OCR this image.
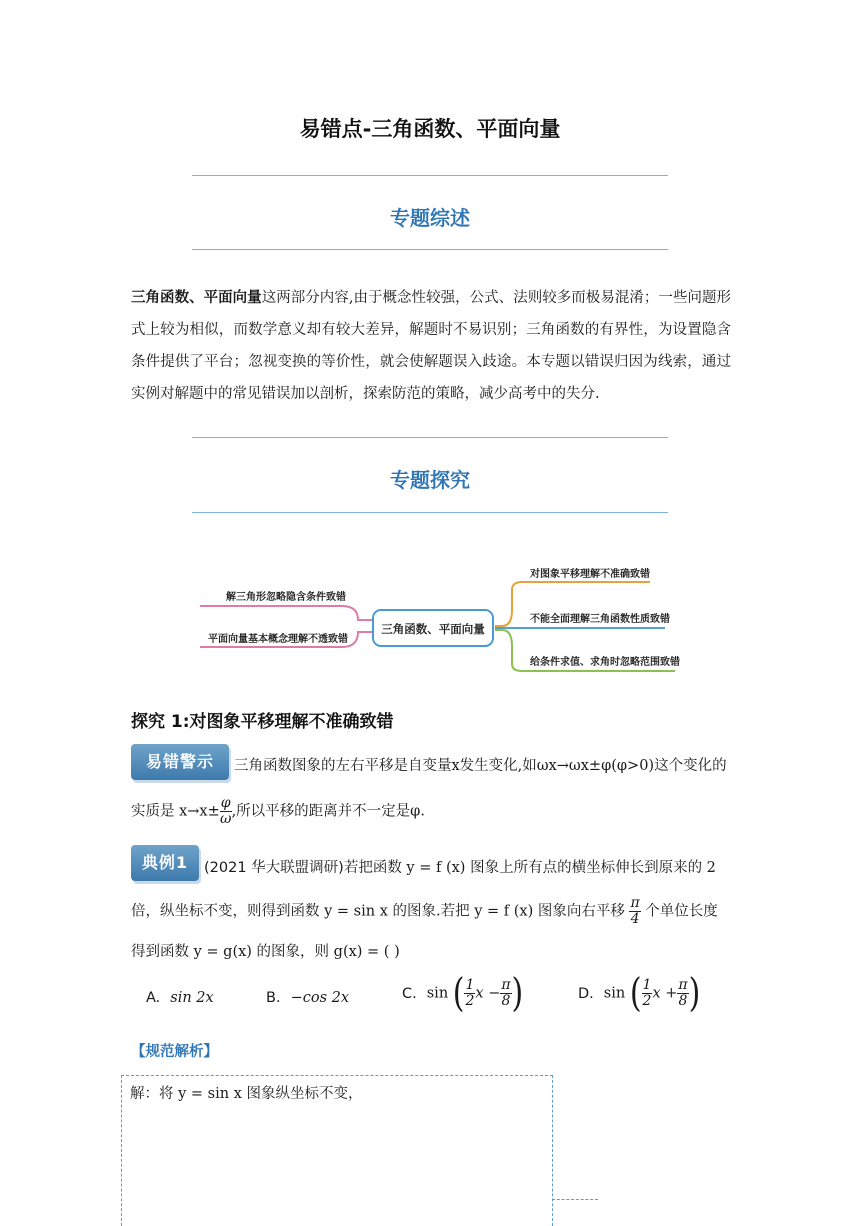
易错点-三角函数、平面向量
专题综述
三角函数、平面向量这两部分内容,由于概念性较强，公式、法则较多而极易混淆；一些问题形式上较为相似，而数学意义却有较大差异，解题时不易识别；三角函数的有界性，为设置隐含条件提供了平台；忽视变换的等价性，就会使解题误入歧途。本专题以错误归因为线索，通过实例对解题中的常见错误加以剖析，探索防范的策略，减少高考中的失分.
专题探究
三角函数、平面向量
解三角形忽略隐含条件致错
平面向量基本概念理解不透致错
对图象平移理解不准确致错
不能全面理解三角函数性质致错
给条件求值、求角时忽略范围致错
探究 1:对图象平移理解不准确致错
易错警示	三角函数图象的左右平移是自变量x发生变化,如ωx→ωx±φ(φ>0)这个变化的
实质是 $x\to x\pm \frac{\varphi}{\omega}$ ,所以平移的距离并不一定是φ.
典例1	(2021 华大联盟调研)若把函数 y = f (x) 图象上所有点的横坐标伸长到原来的 2
倍，纵坐标不变，则得到函数 y = sin x 的图象.若把 y = f (x) 图象向右平移 $\frac{\pi}{4}$ 个单位长度
得到函数 y = g(x) 的图象，则 g(x) = ( )
A. sin 2x	B. −cos 2x	C. sin ( $\frac{1}{2}$ $x - \frac{\pi}{8}$ )	D. sin ( $\frac{1}{2}$ $x + \frac{\pi}{8}$ )
【规范解析】
解：将 y = sin x 图象纵坐标不变，
